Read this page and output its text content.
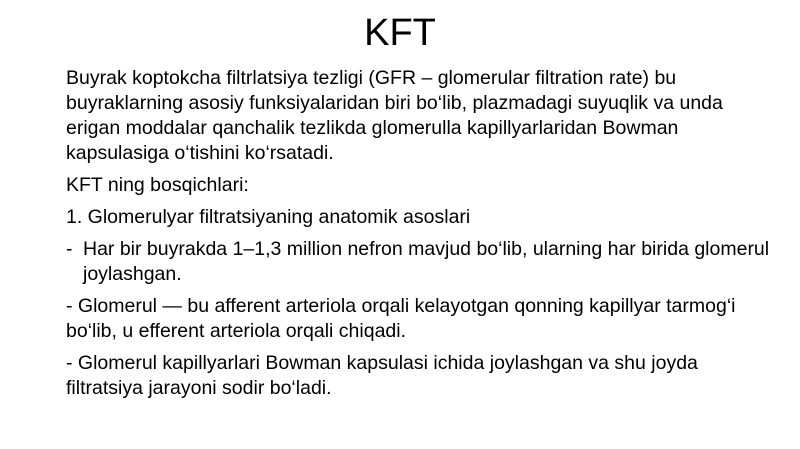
KFT

Buyrak koptokcha filtrlatsiya tezligi (GFR – glomerular filtration rate) bu buyraklarning asosiy funksiyalaridan biri bo‘lib, plazmadagi suyuqlik va unda erigan moddalar qanchalik tezlikda glomerulla kapillyarlaridan Bowman kapsulasiga o‘tishini ko‘rsatadi.

KFT ning bosqichlari:

1. Glomerulyar filtratsiyaning anatomik asoslari

- Har bir buyrakda 1–1,3 million nefron mavjud bo‘lib, ularning har birida glomerul joylashgan.

- Glomerul — bu afferent arteriola orqali kelayotgan qonning kapillyar tarmog‘i bo‘lib, u efferent arteriola orqali chiqadi.

- Glomerul kapillyarlari Bowman kapsulasi ichida joylashgan va shu joyda filtratsiya jarayoni sodir bo‘ladi.
